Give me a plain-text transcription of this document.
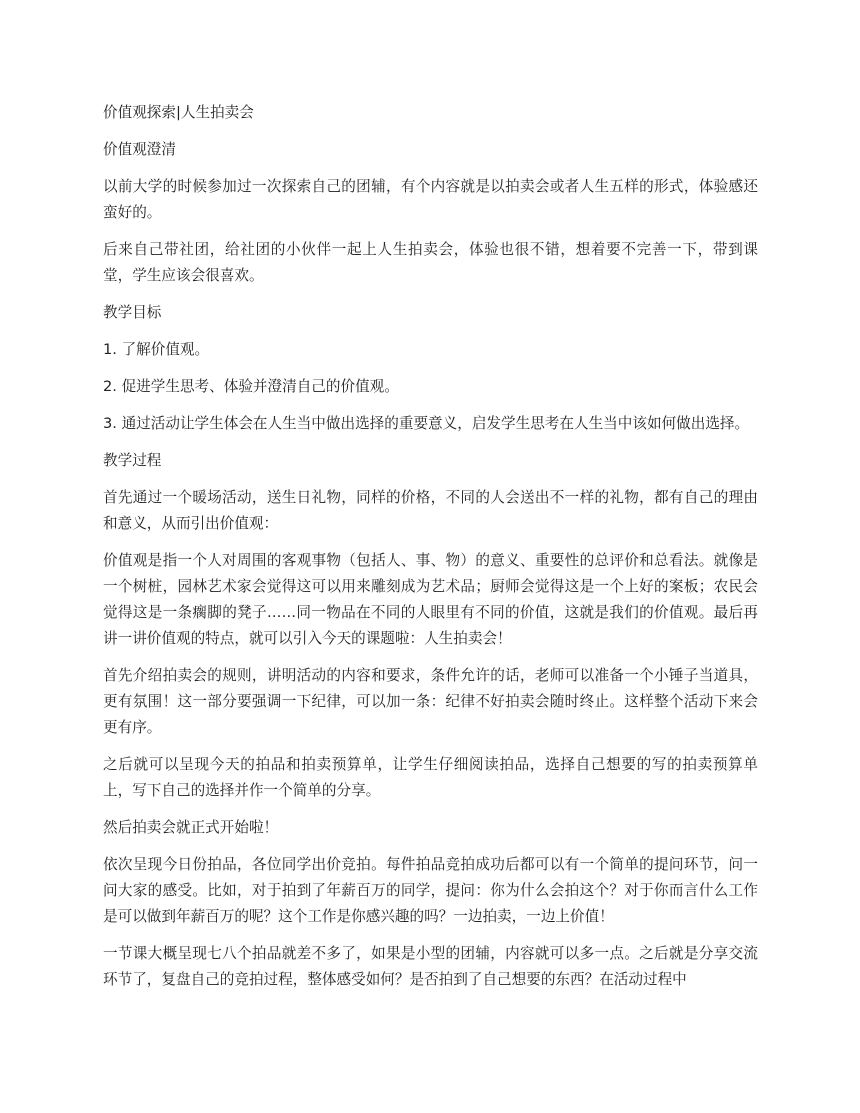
价值观探索|人生拍卖会

价值观澄清

以前大学的时候参加过一次探索自己的团辅，有个内容就是以拍卖会或者人生五样的形式，体验感还蛮好的。

后来自己带社团，给社团的小伙伴一起上人生拍卖会，体验也很不错，想着要不完善一下，带到课堂，学生应该会很喜欢。

教学目标

1. 了解价值观。

2. 促进学生思考、体验并澄清自己的价值观。

3. 通过活动让学生体会在人生当中做出选择的重要意义，启发学生思考在人生当中该如何做出选择。

教学过程

首先通过一个暖场活动，送生日礼物，同样的价格，不同的人会送出不一样的礼物，都有自己的理由和意义，从而引出价值观：

价值观是指一个人对周围的客观事物（包括人、事、物）的意义、重要性的总评价和总看法。就像是一个树桩，园林艺术家会觉得这可以用来雕刻成为艺术品；厨师会觉得这是一个上好的案板；农民会觉得这是一条瘸脚的凳子……同一物品在不同的人眼里有不同的价值，这就是我们的价值观。最后再讲一讲价值观的特点，就可以引入今天的课题啦：人生拍卖会！

首先介绍拍卖会的规则，讲明活动的内容和要求，条件允许的话，老师可以准备一个小锤子当道具，更有氛围！这一部分要强调一下纪律，可以加一条：纪律不好拍卖会随时终止。这样整个活动下来会更有序。

之后就可以呈现今天的拍品和拍卖预算单，让学生仔细阅读拍品，选择自己想要的写的拍卖预算单上，写下自己的选择并作一个简单的分享。

然后拍卖会就正式开始啦！

依次呈现今日份拍品，各位同学出价竞拍。每件拍品竞拍成功后都可以有一个简单的提问环节，问一问大家的感受。比如，对于拍到了年薪百万的同学，提问：你为什么会拍这个？对于你而言什么工作是可以做到年薪百万的呢？这个工作是你感兴趣的吗？一边拍卖，一边上价值！

一节课大概呈现七八个拍品就差不多了，如果是小型的团辅，内容就可以多一点。之后就是分享交流环节了，复盘自己的竞拍过程，整体感受如何？是否拍到了自己想要的东西？在活动过程中
